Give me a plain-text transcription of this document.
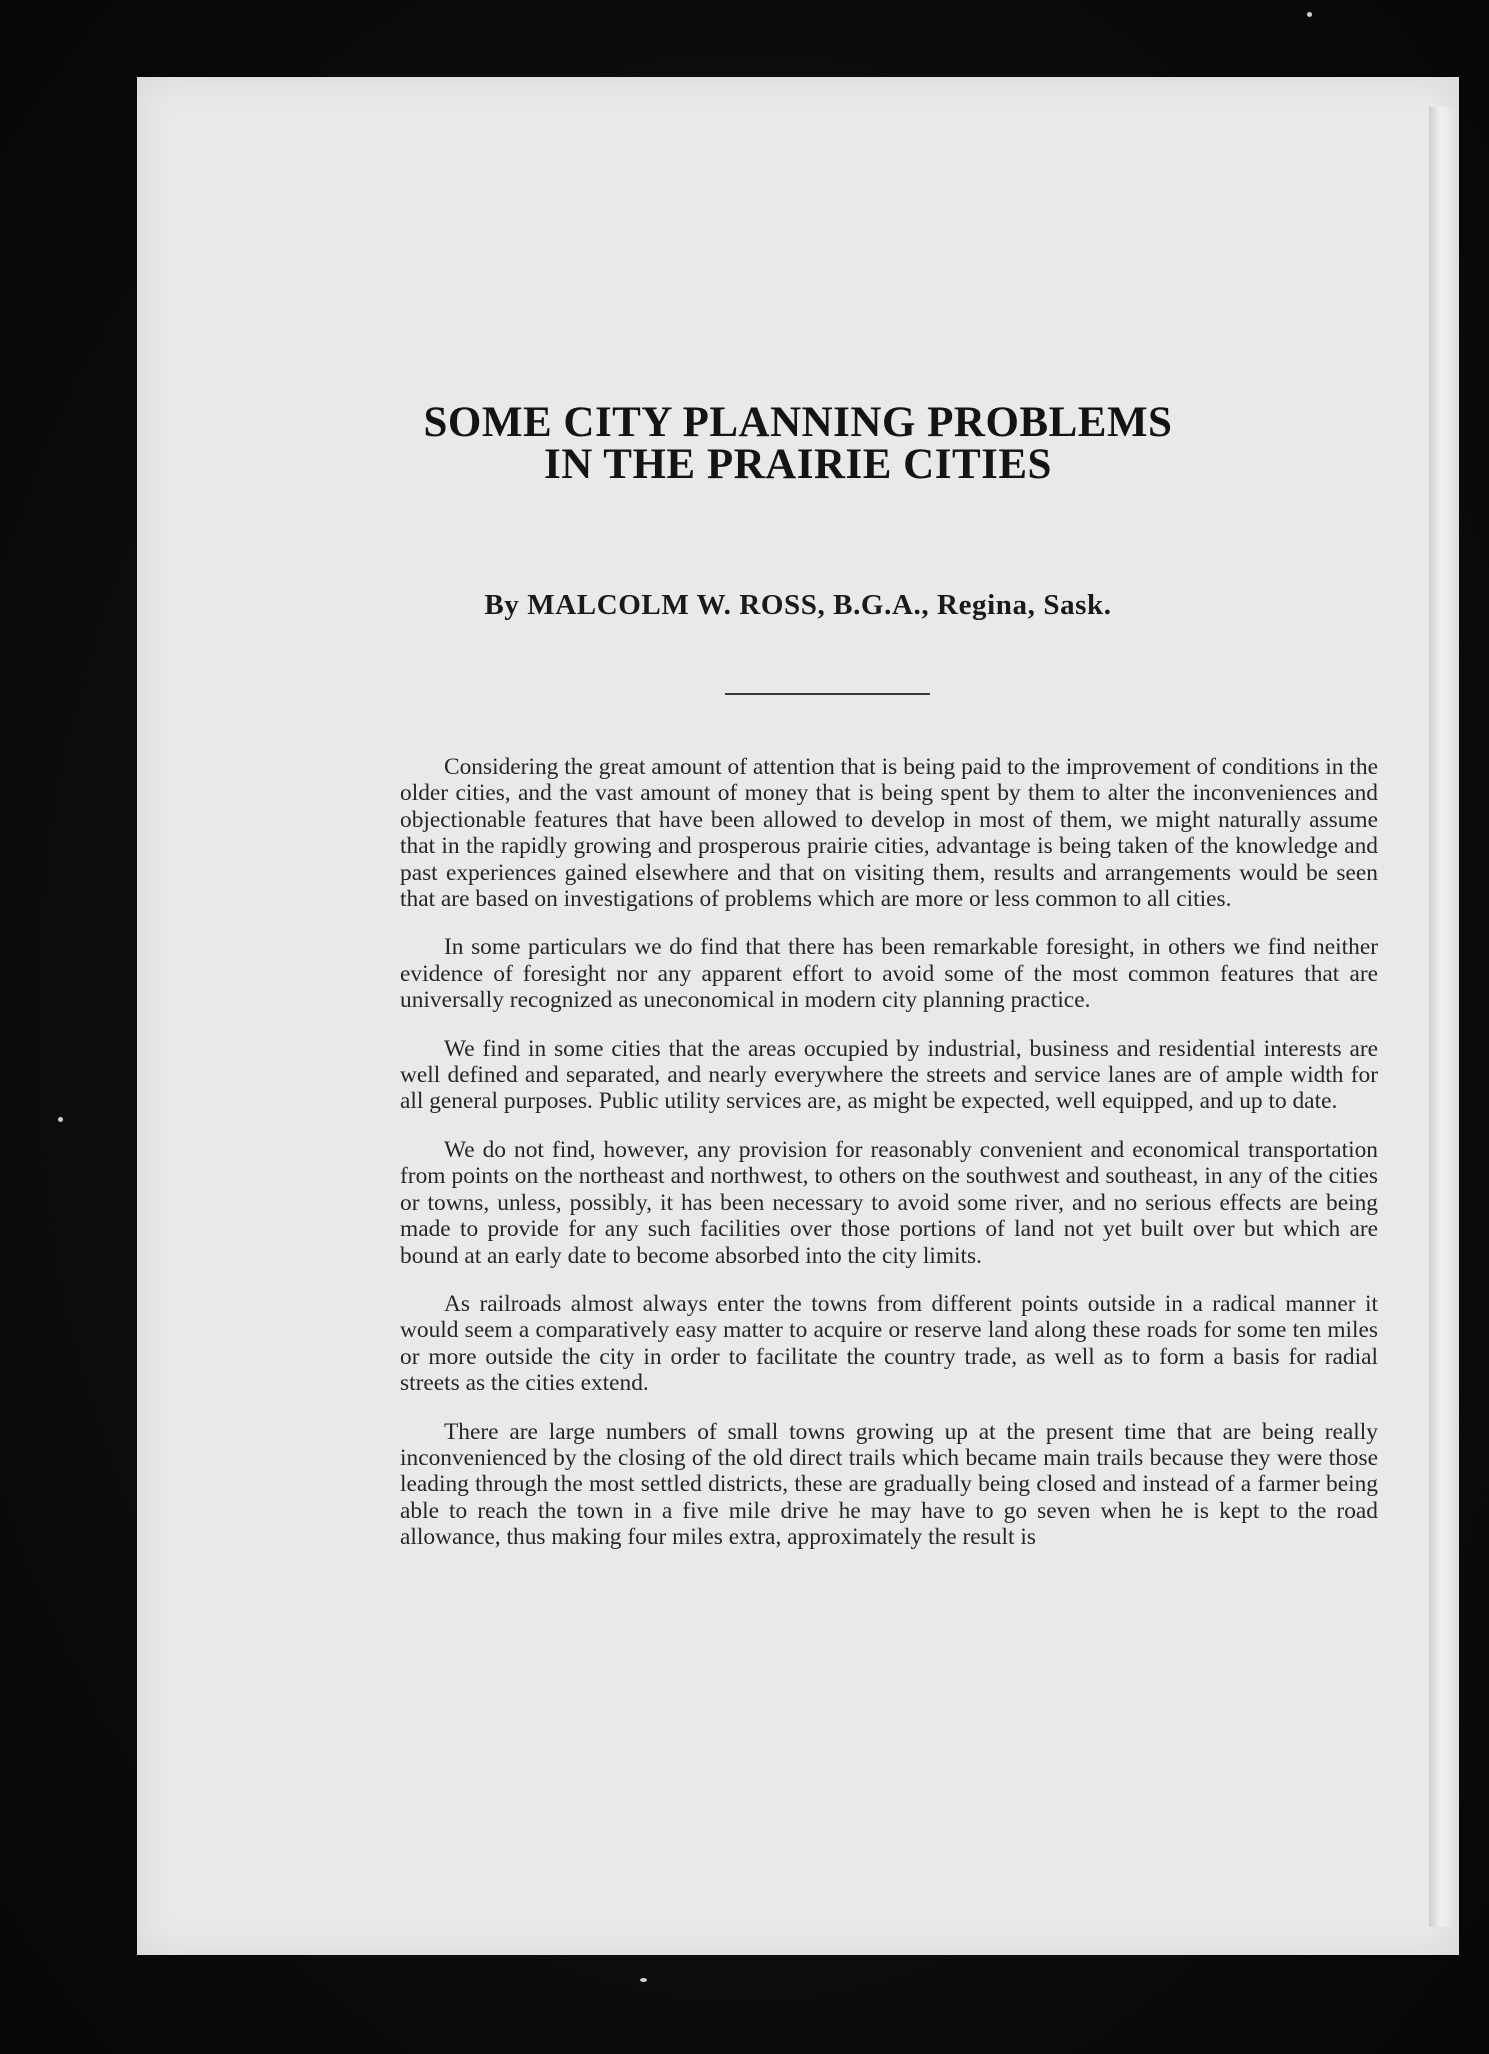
SOME CITY PLANNING PROBLEMS
IN THE PRAIRIE CITIES
By MALCOLM W. ROSS, B.G.A., Regina, Sask.

Considering the great amount of attention that is being paid to the improvement of conditions in the older cities, and the vast amount of money that is being spent by them to alter the inconveniences and objectionable features that have been allowed to develop in most of them, we might naturally assume that in the rapidly growing and prosperous prairie cities, advantage is being taken of the knowledge and past experiences gained elsewhere and that on visiting them, results and arrangements would be seen that are based on investigations of problems which are more or less common to all cities.

In some particulars we do find that there has been remarkable foresight, in others we find neither evidence of foresight nor any apparent effort to avoid some of the most common features that are universally recognized as uneconomical in modern city planning practice.

We find in some cities that the areas occupied by industrial, business and residential interests are well defined and separated, and nearly everywhere the streets and service lanes are of ample width for all general purposes. Public utility services are, as might be expected, well equipped, and up to date.

We do not find, however, any provision for reasonably convenient and economical transportation from points on the northeast and northwest, to others on the southwest and southeast, in any of the cities or towns, unless, possibly, it has been necessary to avoid some river, and no serious effects are being made to provide for any such facilities over those portions of land not yet built over but which are bound at an early date to become absorbed into the city limits.

As railroads almost always enter the towns from different points outside in a radical manner it would seem a comparatively easy matter to acquire or reserve land along these roads for some ten miles or more outside the city in order to facilitate the country trade, as well as to form a basis for radial streets as the cities extend.

There are large numbers of small towns growing up at the present time that are being really inconvenienced by the closing of the old direct trails which became main trails because they were those leading through the most settled districts, these are gradually being closed and instead of a farmer being able to reach the town in a five mile drive he may have to go seven when he is kept to the road allowance, thus making four miles extra, approximately the result is
